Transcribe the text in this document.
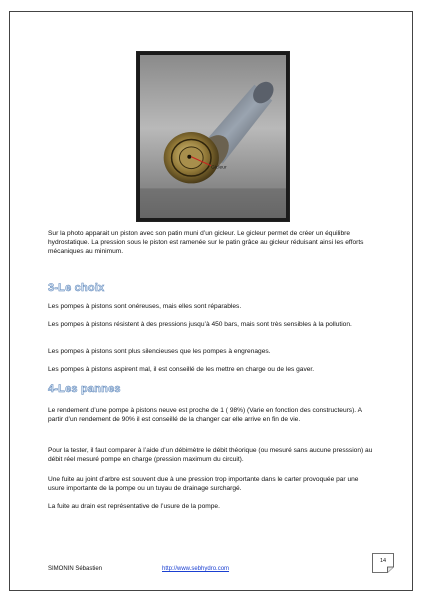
Gicleur
Sur la photo apparait un piston avec son patin muni d’un gicleur. Le gicleur permet de créer un équilibre hydrostatique. La pression sous le piston est ramenée sur le patin grâce au gicleur réduisant ainsi les efforts mécaniques au minimum.
3-Le choix
Les pompes à pistons sont onéreuses, mais elles sont réparables.
Les pompes à pistons résistent à des pressions jusqu’à 450 bars, mais sont très sensibles à la pollution.
Les pompes à pistons sont plus silencieuses que les pompes à engrenages.
Les pompes à pistons aspirent mal, il est conseillé de les mettre en charge ou de les gaver.
4-Les pannes
Le rendement d’une pompe à pistons neuve est proche de 1 ( 98%) (Varie en fonction des constructeurs). A partir d’un rendement de 90% il est conseillé de la changer car elle arrive en fin de vie.
Pour la tester, il faut comparer à l’aide d’un débimètre le débit théorique (ou mesuré sans aucune presssion) au débit réel mesuré pompe en charge (pression maximum du circuit).
Une fuite au joint d’arbre est souvent due à une pression trop importante dans le carter provoquée par une usure importante de la pompe ou un tuyau de drainage surchargé.
La fuite au drain est représentative de l’usure de la pompe.
SIMONIN Sébastien	http://www.sebhydro.com
14
